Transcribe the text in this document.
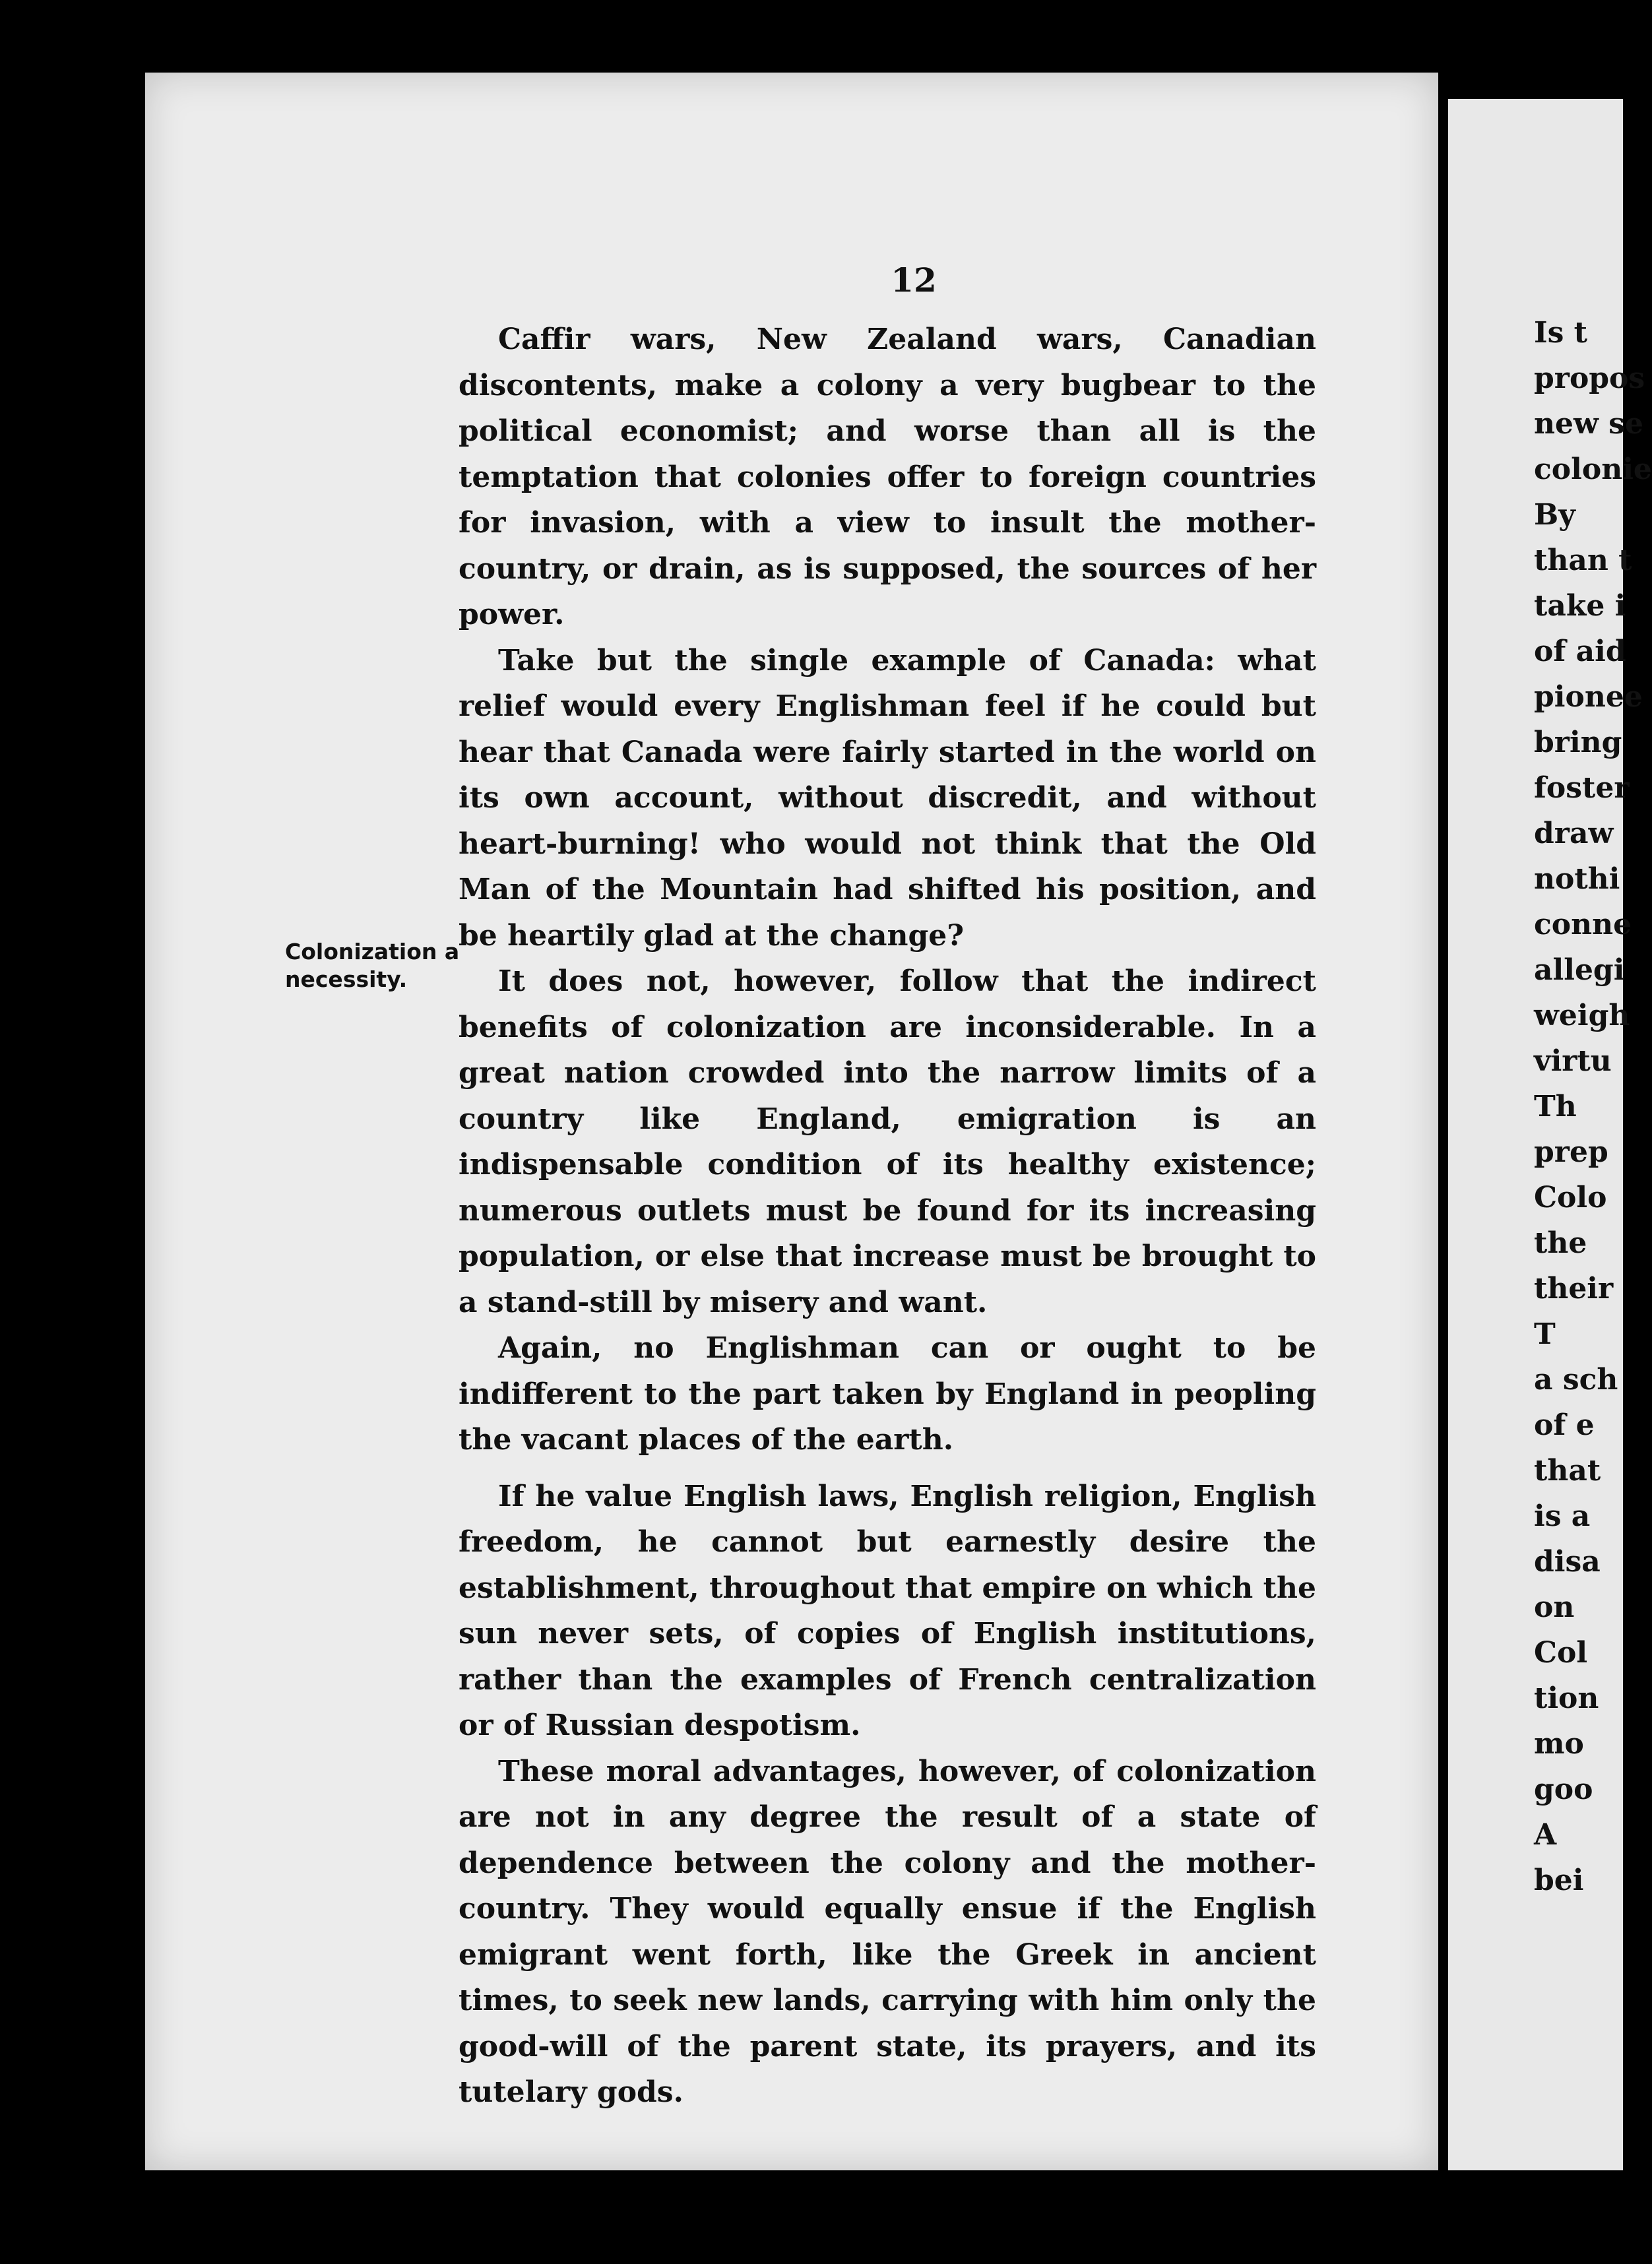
12
Colonization a necessity.

Caffir wars, New Zealand wars, Canadian discontents, make a colony a very bugbear to the political economist; and worse than all is the temptation that colonies offer to foreign countries for invasion, with a view to insult the mother-country, or drain, as is supposed, the sources of her power.

Take but the single example of Canada: what relief would every Englishman feel if he could but hear that Canada were fairly started in the world on its own account, without discredit, and without heart-burning! who would not think that the Old Man of the Mountain had shifted his position, and be heartily glad at the change?

It does not, however, follow that the indirect benefits of colonization are inconsiderable. In a great nation crowded into the narrow limits of a country like England, emigration is an indispensable condition of its healthy existence; numerous outlets must be found for its increasing population, or else that increase must be brought to a stand-still by misery and want.

Again, no Englishman can or ought to be indifferent to the part taken by England in peopling the vacant places of the earth.

If he value English laws, English religion, English freedom, he cannot but earnestly desire the establishment, throughout that empire on which the sun never sets, of copies of English institutions, rather than the examples of French centralization or of Russian despotism.

These moral advantages, however, of colonization are not in any degree the result of a state of dependence between the colony and the mother-country. They would equally ensue if the English emigrant went forth, like the Greek in ancient times, to seek new lands, carrying with him only the good-will of the parent state, its prayers, and its tutelary gods.

Is t
propos
new se
colonie
By
than t
take i
of aid
pionee
bring
foster
draw
nothi
conne
allegi
weigh
virtu
Th
prep
Colo
the
their
T
a sch
of e
that
is a
disa
on
Col
tion
mo
goo
A
bei
